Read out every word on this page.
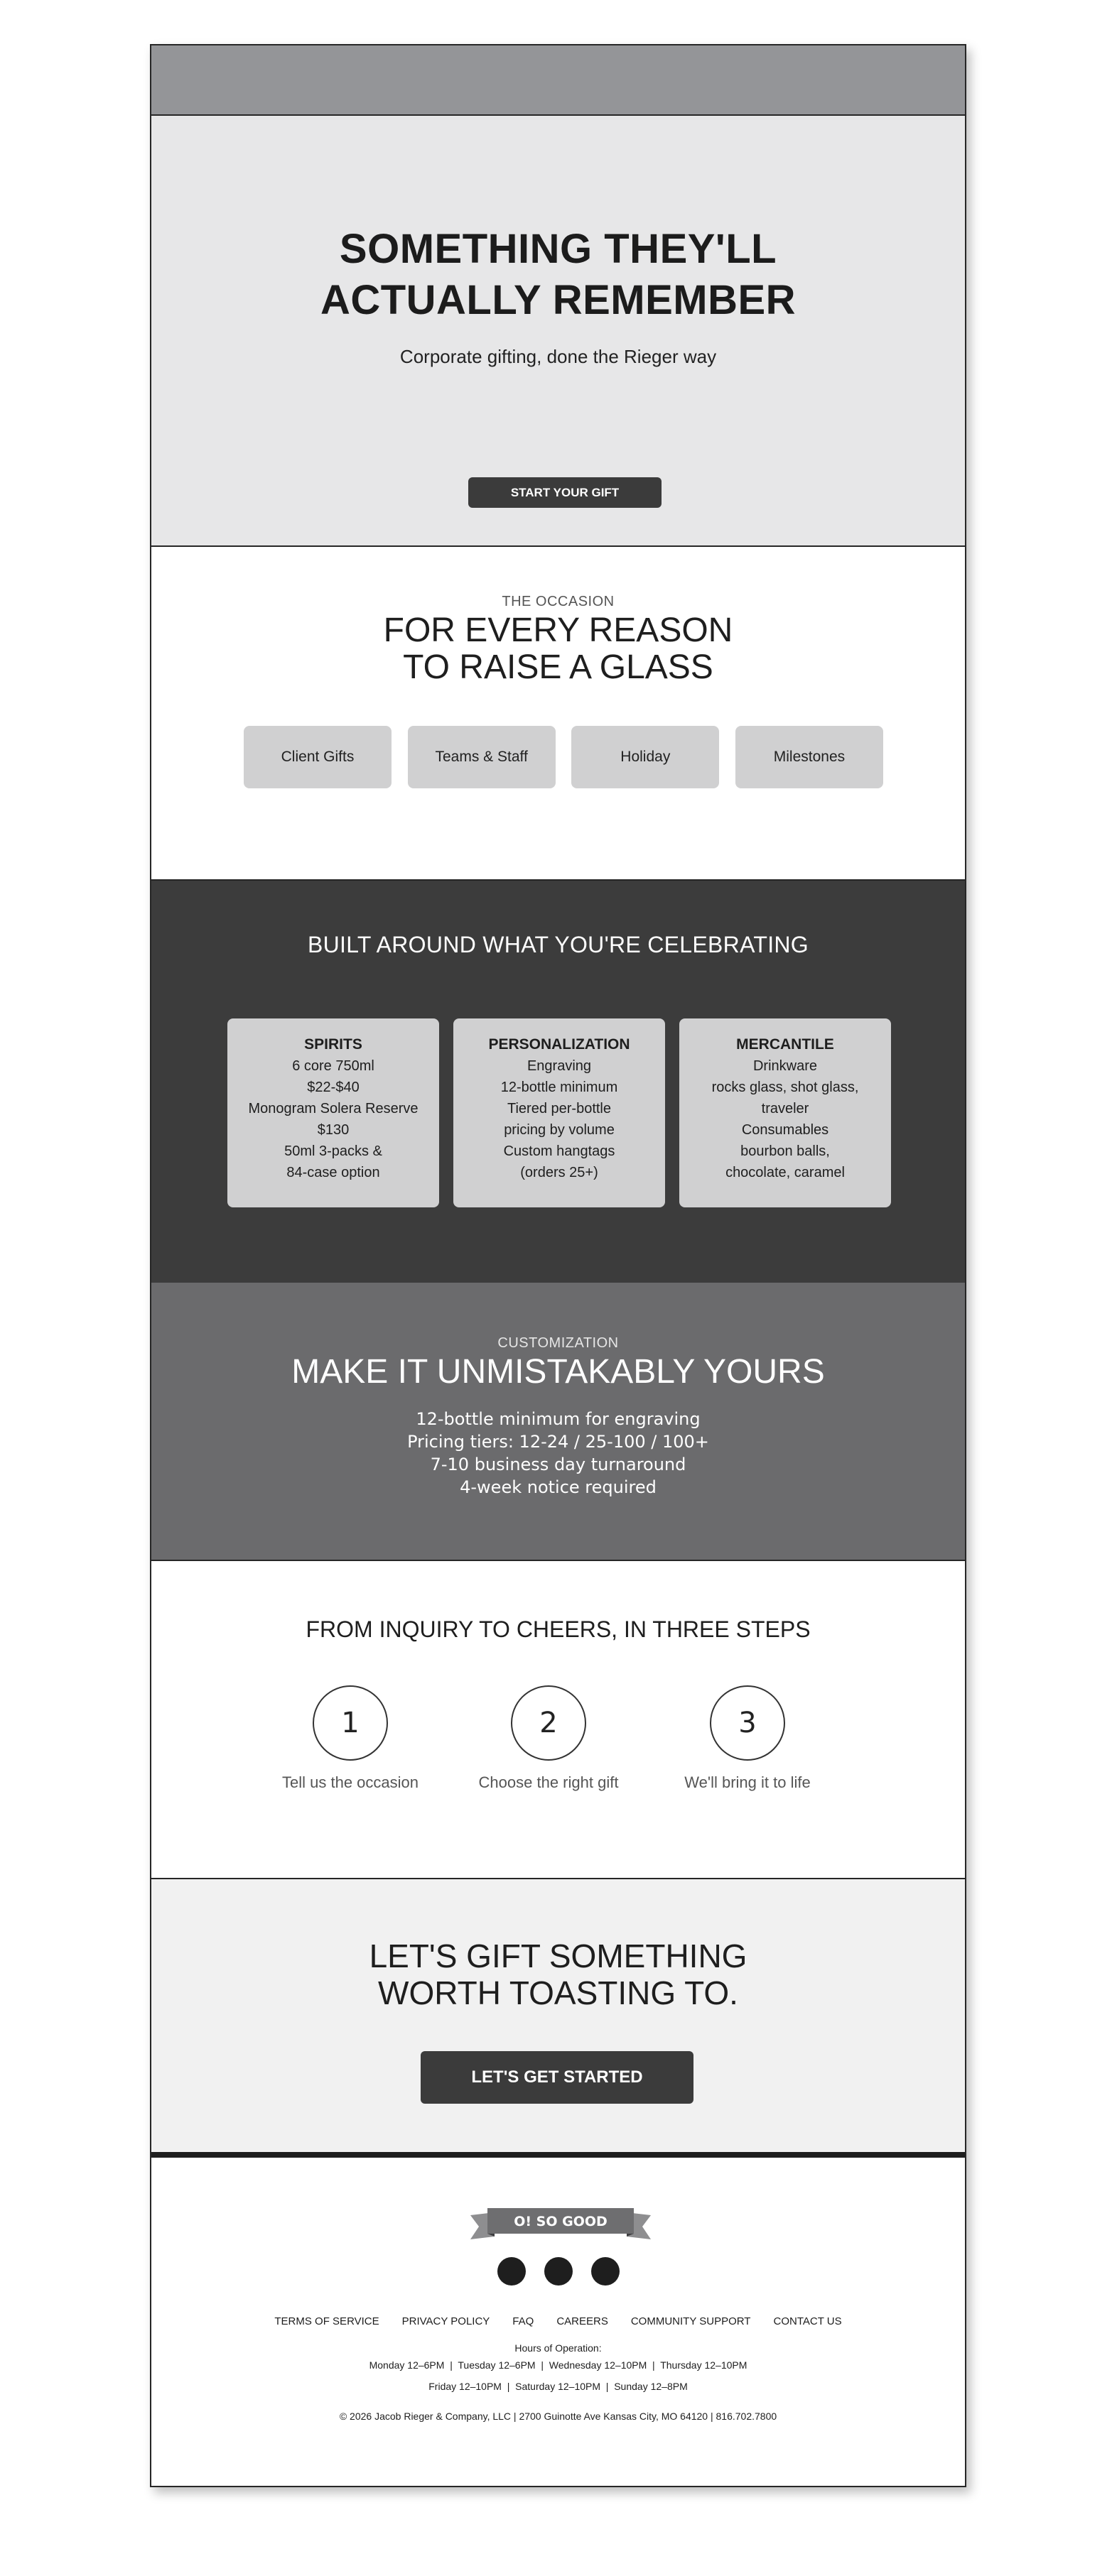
SOMETHING THEY'LL
ACTUALLY REMEMBER
Corporate gifting, done the Rieger way
START YOUR GIFT
THE OCCASION
FOR EVERY REASON
TO RAISE A GLASS
Client Gifts	Teams & Staff	Holiday	Milestones
BUILT AROUND WHAT YOU'RE CELEBRATING
SPIRITS
6 core 750ml
$22-$40
Monogram Solera Reserve
$130
50ml 3-packs &
84-case option
PERSONALIZATION
Engraving
12-bottle minimum
Tiered per-bottle
pricing by volume
Custom hangtags
(orders 25+)
MERCANTILE
Drinkware
rocks glass, shot glass,
traveler
Consumables
bourbon balls,
chocolate, caramel
CUSTOMIZATION
MAKE IT UNMISTAKABLY YOURS
12-bottle minimum for engraving
Pricing tiers: 12-24 / 25-100 / 100+
7-10 business day turnaround
4-week notice required
FROM INQUIRY TO CHEERS, IN THREE STEPS
1
Tell us the occasion
2
Choose the right gift
3
We'll bring it to life
LET'S GIFT SOMETHING
WORTH TOASTING TO.
LET'S GET STARTED
O! SO GOOD
TERMS OF SERVICE PRIVACY POLICY FAQ CAREERS COMMUNITY SUPPORT CONTACT US
Hours of Operation:
Monday 12–6PM  |  Tuesday 12–6PM  |  Wednesday 12–10PM  |  Thursday 12–10PM
Friday 12–10PM  |  Saturday 12–10PM  |  Sunday 12–8PM
© 2026 Jacob Rieger & Company, LLC | 2700 Guinotte Ave Kansas City, MO 64120 | 816.702.7800
